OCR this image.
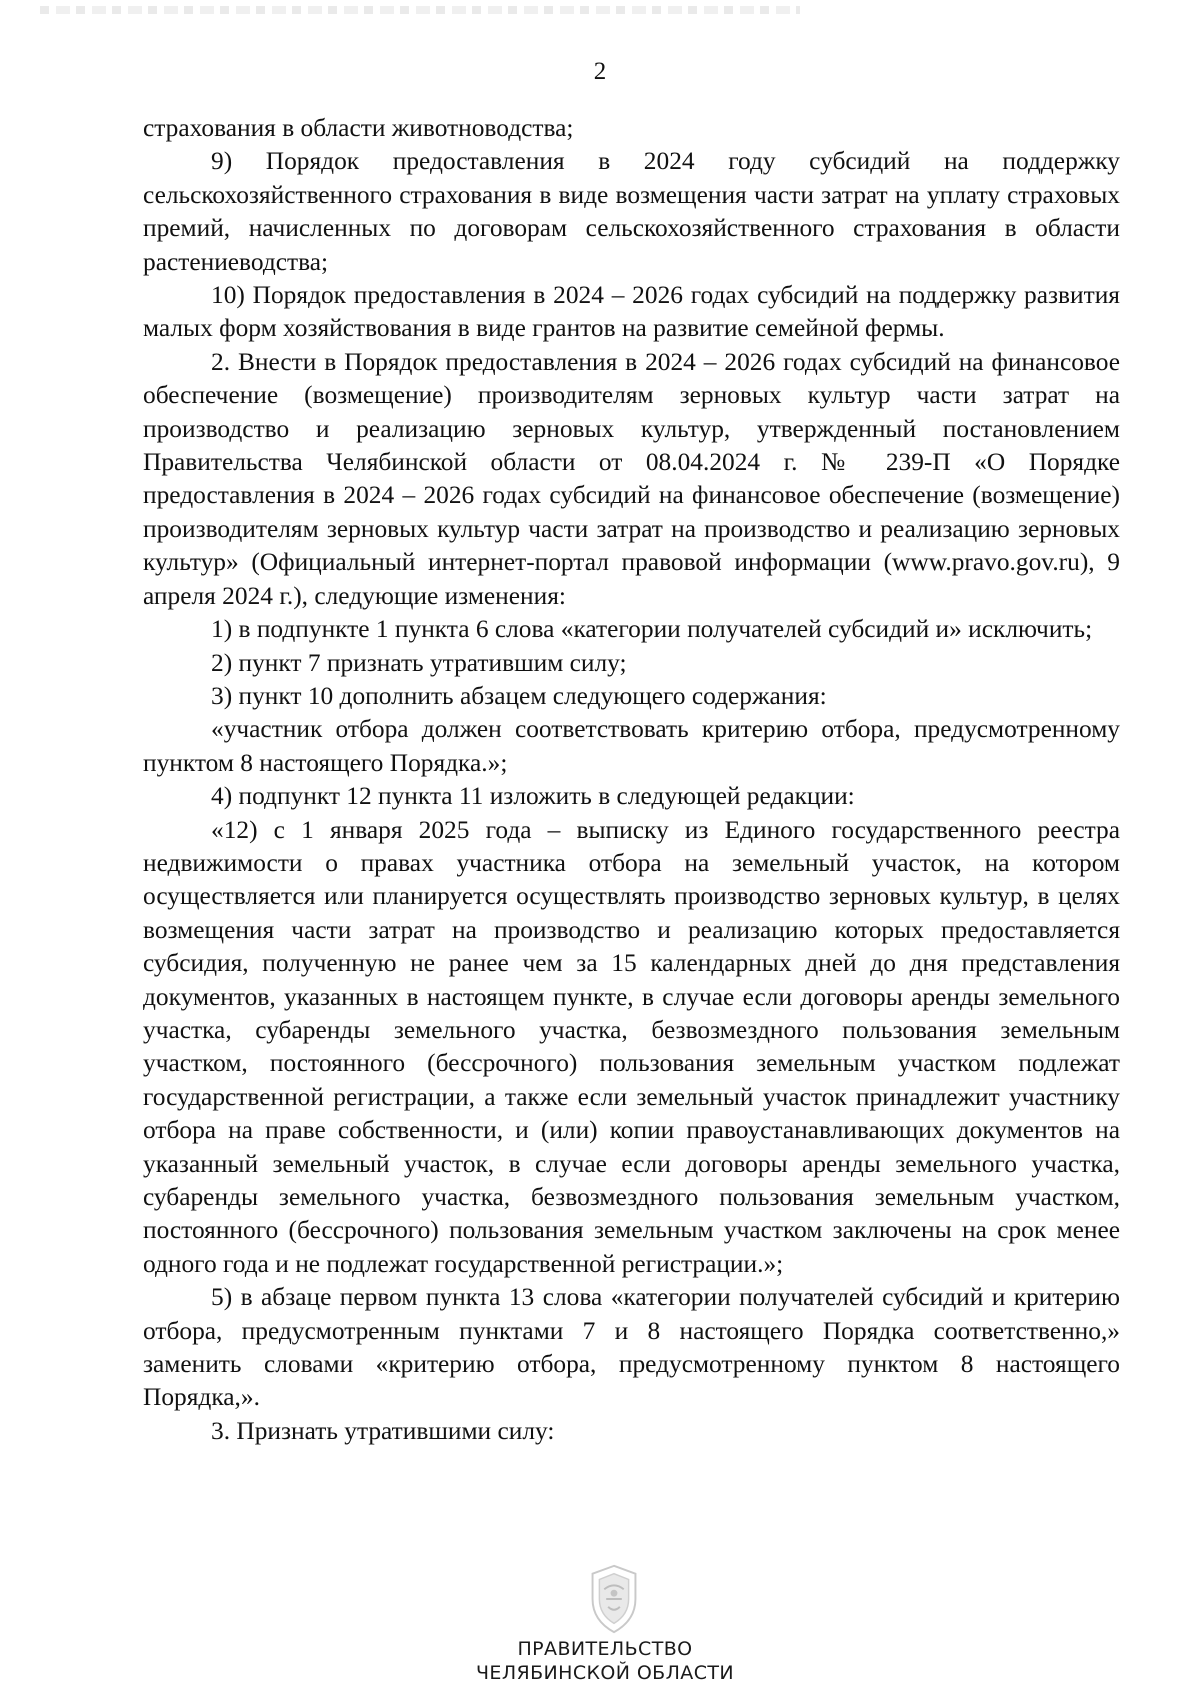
2

страхования в области животноводства;

9) Порядок предоставления в 2024 году субсидий на поддержку сельскохозяйственного страхования в виде возмещения части затрат на уплату страховых премий, начисленных по договорам сельскохозяйственного страхования в области растениеводства;

10) Порядок предоставления в 2024 – 2026 годах субсидий на поддержку развития малых форм хозяйствования в виде грантов на развитие семейной фермы.

2. Внести в Порядок предоставления в 2024 – 2026 годах субсидий на финансовое обеспечение (возмещение) производителям зерновых культур части затрат на производство и реализацию зерновых культур, утвержденный постановлением Правительства Челябинской области от 08.04.2024 г. № 239-П «О Порядке предоставления в 2024 – 2026 годах субсидий на финансовое обеспечение (возмещение) производителям зерновых культур части затрат на производство и реализацию зерновых культур» (Официальный интернет-портал правовой информации (www.pravo.gov.ru), 9 апреля 2024 г.), следующие изменения:

1) в подпункте 1 пункта 6 слова «категории получателей субсидий и» исключить;

2) пункт 7 признать утратившим силу;

3) пункт 10 дополнить абзацем следующего содержания:

«участник отбора должен соответствовать критерию отбора, предусмотренному пунктом 8 настоящего Порядка.»;

4) подпункт 12 пункта 11 изложить в следующей редакции:

«12) с 1 января 2025 года – выписку из Единого государственного реестра недвижимости о правах участника отбора на земельный участок, на котором осуществляется или планируется осуществлять производство зерновых культур, в целях возмещения части затрат на производство и реализацию которых предоставляется субсидия, полученную не ранее чем за 15 календарных дней до дня представления документов, указанных в настоящем пункте, в случае если договоры аренды земельного участка, субаренды земельного участка, безвозмездного пользования земельным участком, постоянного (бессрочного) пользования земельным участком подлежат государственной регистрации, а также если земельный участок принадлежит участнику отбора на праве собственности, и (или) копии правоустанавливающих документов на указанный земельный участок, в случае если договоры аренды земельного участка, субаренды земельного участка, безвозмездного пользования земельным участком, постоянного (бессрочного) пользования земельным участком заключены на срок менее одного года и не подлежат государственной регистрации.»;

5) в абзаце первом пункта 13 слова «категории получателей субсидий и критерию отбора, предусмотренным пунктами 7 и 8 настоящего Порядка соответственно,» заменить словами «критерию отбора, предусмотренному пунктом 8 настоящего Порядка,».

3. Признать утратившими силу:

ПРАВИТЕЛЬСТВО
ЧЕЛЯБИНСКОЙ ОБЛАСТИ
